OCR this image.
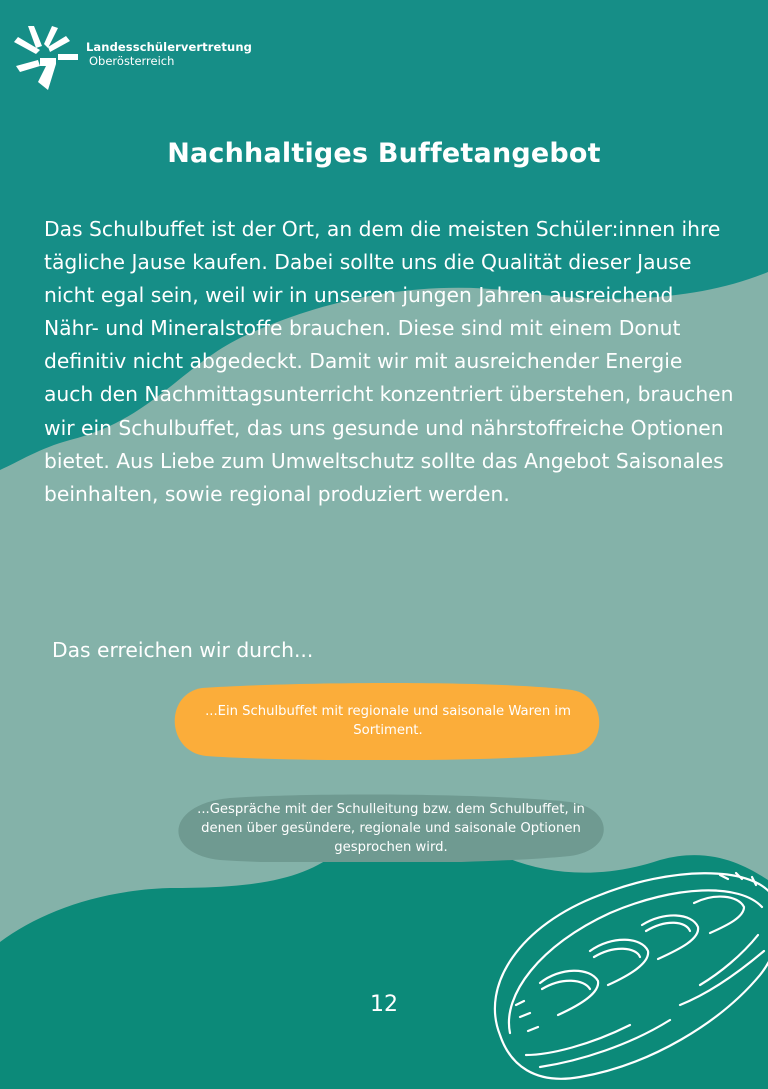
Landesschülervertretung
Oberösterreich
Nachhaltiges Buffetangebot

Das Schulbuffet ist der Ort, an dem die meisten Schüler:innen ihre tägliche Jause kaufen. Dabei sollte uns die Qualität dieser Jause nicht egal sein, weil wir in unseren jungen Jahren ausreichend Nähr- und Mineralstoffe brauchen. Diese sind mit einem Donut definitiv nicht abgedeckt. Damit wir mit ausreichender Energie auch den Nachmittagsunterricht konzentriert überstehen, brauchen wir ein Schulbuffet, das uns gesunde und nährstoffreiche Optionen bietet. Aus Liebe zum Umweltschutz sollte das Angebot Saisonales beinhalten, sowie regional produziert werden.

Das erreichen wir durch...

...Ein Schulbuffet mit regionale und saisonale Waren im Sortiment.
...Gespräche mit der Schulleitung bzw. dem Schulbuffet, in denen über gesündere, regionale und saisonale Optionen gesprochen wird.
12
